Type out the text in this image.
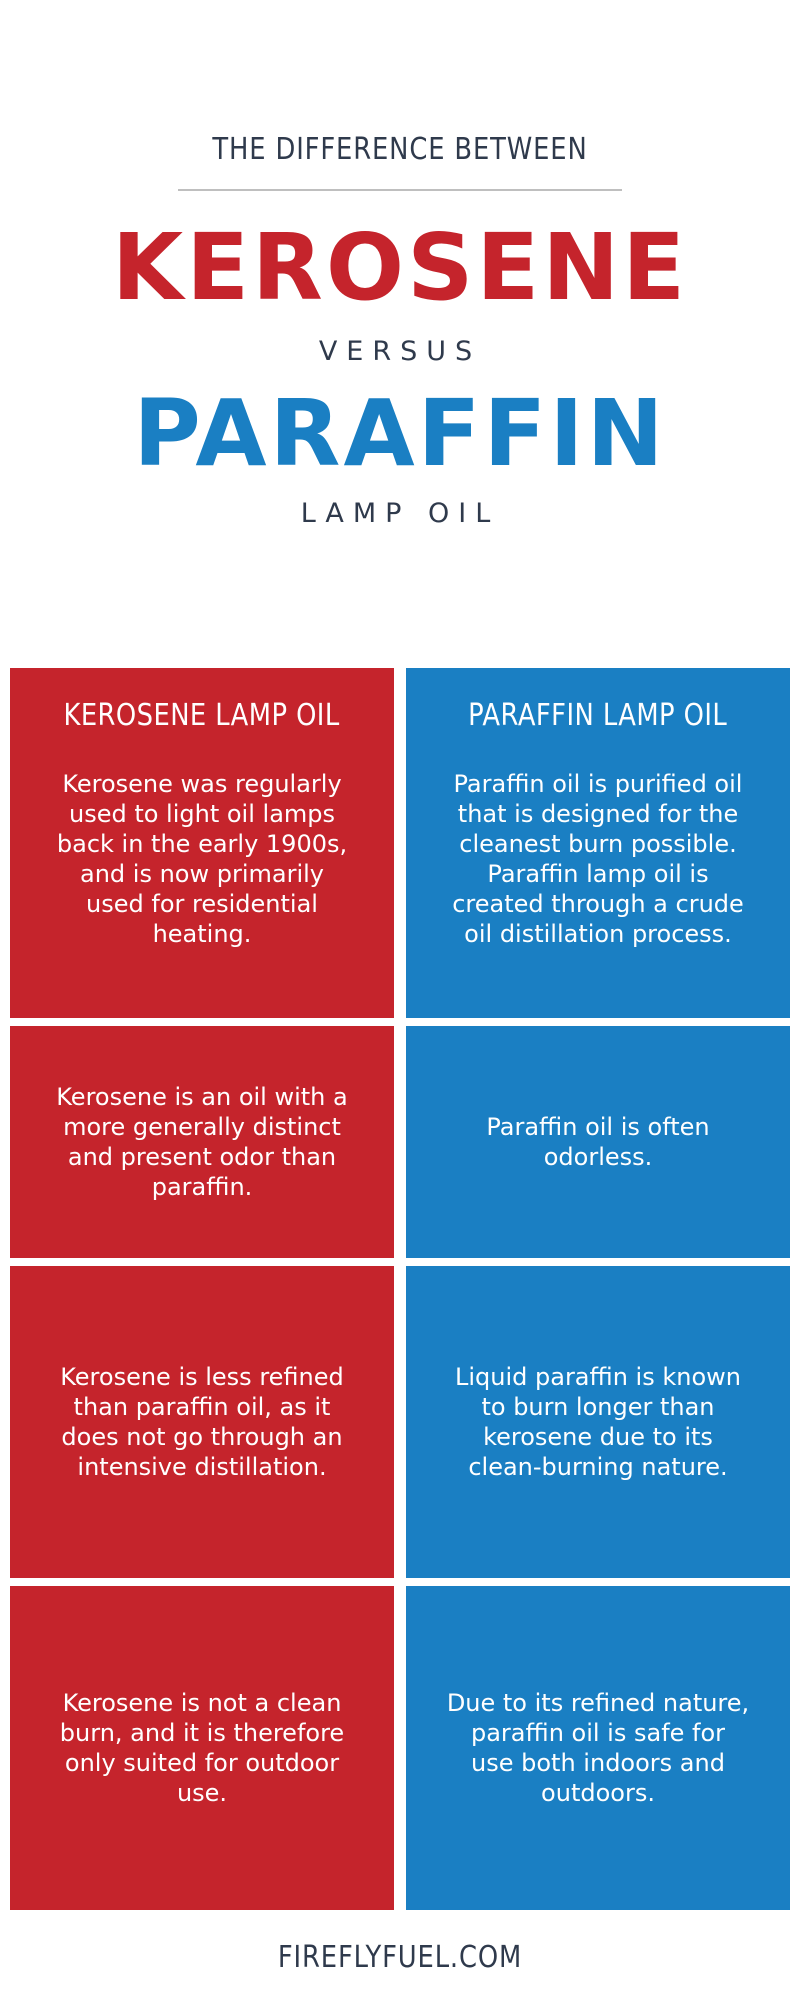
THE DIFFERENCE BETWEEN
KEROSENE
VERSUS
PARAFFIN
LAMP OIL
KEROSENE LAMP OIL
Kerosene was regularly used to light oil lamps back in the early 1900s, and is now primarily used for residential heating.
PARAFFIN LAMP OIL
Paraffin oil is purified oil that is designed for the cleanest burn possible. Paraffin lamp oil is created through a crude oil distillation process.
Kerosene is an oil with a more generally distinct and present odor than paraffin.
Paraffin oil is often odorless.
Kerosene is less refined than paraffin oil, as it does not go through an intensive distillation.
Liquid paraffin is known to burn longer than kerosene due to its clean-burning nature.
Kerosene is not a clean burn, and it is therefore only suited for outdoor use.
Due to its refined nature, paraffin oil is safe for use both indoors and outdoors.
FIREFLYFUEL.COM
